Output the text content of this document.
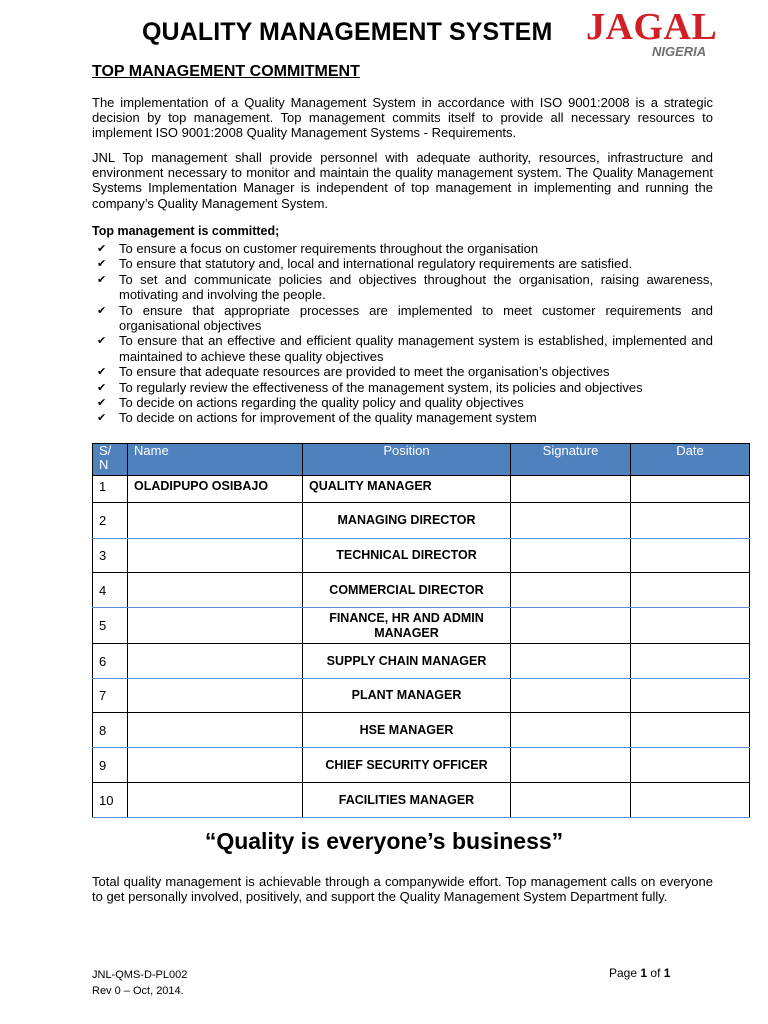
QUALITY MANAGEMENT SYSTEM JAGAL
NIGERIA
TOP MANAGEMENT COMMITMENT

The implementation of a Quality Management System in accordance with ISO 9001:2008 is a strategic decision by top management. Top management commits itself to provide all necessary resources to implement ISO 9001:2008 Quality Management Systems - Requirements.

JNL Top management shall provide personnel with adequate authority, resources, infrastructure and environment necessary to monitor and maintain the quality management system. The Quality Management Systems Implementation Manager is independent of top management in implementing and running the company’s Quality Management System.

Top management is committed;
✔ To ensure a focus on customer requirements throughout the organisation
✔ To ensure that statutory and, local and international regulatory requirements are satisfied.
✔ To set and communicate policies and objectives throughout the organisation, raising awareness, motivating and involving the people.
✔ To ensure that appropriate processes are implemented to meet customer requirements and organisational objectives
✔ To ensure that an effective and efficient quality management system is established, implemented and maintained to achieve these quality objectives
✔ To ensure that adequate resources are provided to meet the organisation’s objectives
✔ To regularly review the effectiveness of the management system, its policies and objectives
✔ To decide on actions regarding the quality policy and quality objectives
✔ To decide on actions for improvement of the quality management system
S/ N	Name	Position	Signature	Date
1	OLADIPUPO OSIBAJO	QUALITY MANAGER		
2		MANAGING DIRECTOR		
3		TECHNICAL DIRECTOR		
4		COMMERCIAL DIRECTOR		
5		FINANCE, HR AND ADMIN MANAGER		
6		SUPPLY CHAIN MANAGER		
7		PLANT MANAGER		
8		HSE MANAGER		
9		CHIEF SECURITY OFFICER		
10		FACILITIES MANAGER		
“Quality is everyone’s business”

Total quality management is achievable through a companywide effort. Top management calls on everyone to get personally involved, positively, and support the Quality Management System Department fully.

JNL-QMS-D-PL002
Rev 0 – Oct, 2014.
Page 1 of 1
